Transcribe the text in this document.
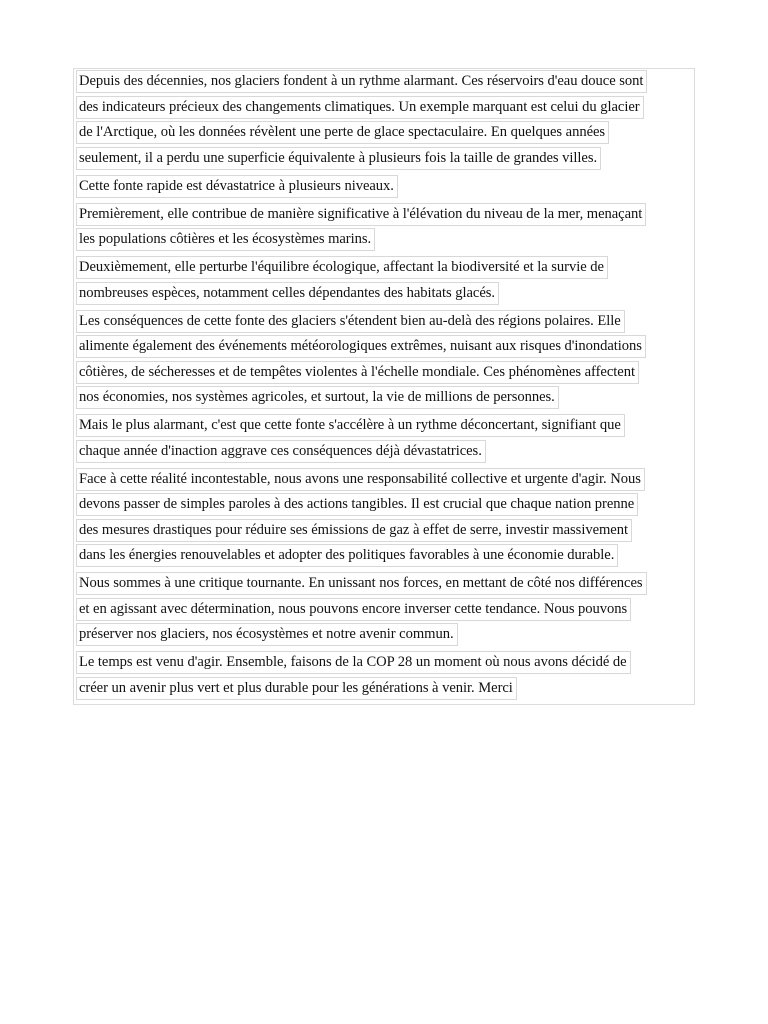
Depuis des décennies, nos glaciers fondent à un rythme alarmant. Ces réservoirs d'eau douce sont
des indicateurs précieux des changements climatiques. Un exemple marquant est celui du glacier
de l'Arctique, où les données révèlent une perte de glace spectaculaire. En quelques années
seulement, il a perdu une superficie équivalente à plusieurs fois la taille de grandes villes.
Cette fonte rapide est dévastatrice à plusieurs niveaux.
Premièrement, elle contribue de manière significative à l'élévation du niveau de la mer, menaçant
les populations côtières et les écosystèmes marins.
Deuxièmement, elle perturbe l'équilibre écologique, affectant la biodiversité et la survie de
nombreuses espèces, notamment celles dépendantes des habitats glacés.
Les conséquences de cette fonte des glaciers s'étendent bien au-delà des régions polaires. Elle
alimente également des événements météorologiques extrêmes, nuisant aux risques d'inondations
côtières, de sécheresses et de tempêtes violentes à l'échelle mondiale. Ces phénomènes affectent
nos économies, nos systèmes agricoles, et surtout, la vie de millions de personnes.
Mais le plus alarmant, c'est que cette fonte s'accélère à un rythme déconcertant, signifiant que
chaque année d'inaction aggrave ces conséquences déjà dévastatrices.
Face à cette réalité incontestable, nous avons une responsabilité collective et urgente d'agir. Nous
devons passer de simples paroles à des actions tangibles. Il est crucial que chaque nation prenne
des mesures drastiques pour réduire ses émissions de gaz à effet de serre, investir massivement
dans les énergies renouvelables et adopter des politiques favorables à une économie durable.
Nous sommes à une critique tournante. En unissant nos forces, en mettant de côté nos différences
et en agissant avec détermination, nous pouvons encore inverser cette tendance. Nous pouvons
préserver nos glaciers, nos écosystèmes et notre avenir commun.
Le temps est venu d'agir. Ensemble, faisons de la COP 28 un moment où nous avons décidé de
créer un avenir plus vert et plus durable pour les générations à venir. Merci
